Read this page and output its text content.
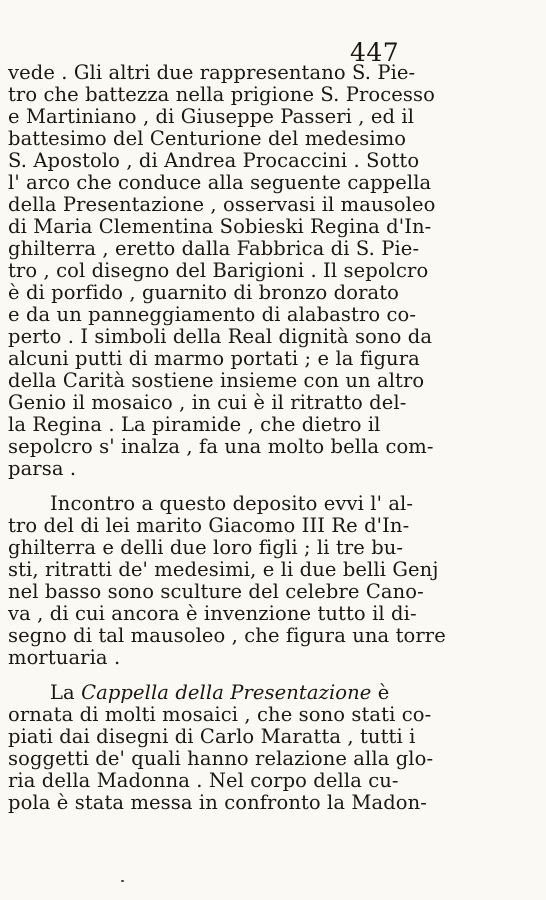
447
vede . Gli altri due rappresentano S. Pie-
tro che battezza nella prigione S. Processo
e Martiniano , di Giuseppe Passeri , ed il
battesimo del Centurione del medesimo
S. Apostolo , di Andrea Procaccini . Sotto
l' arco che conduce alla seguente cappella
della Presentazione , osservasi il mausoleo
di Maria Clementina Sobieski Regina d'In-
ghilterra , eretto dalla Fabbrica di S. Pie-
tro , col disegno del Barigioni . Il sepolcro
è di porfido , guarnito di bronzo dorato
e da un panneggiamento di alabastro co-
perto . I simboli della Real dignità sono da
alcuni putti di marmo portati ; e la figura
della Carità sostiene insieme con un altro
Genio il mosaico , in cui è il ritratto del-
la Regina . La piramide , che dietro il
sepolcro s' inalza , fa una molto bella com-
parsa .
Incontro a questo deposito evvi l' al-
tro del di lei marito Giacomo III Re d'In-
ghilterra e delli due loro figli ; li tre bu-
sti, ritratti de' medesimi, e li due belli Genj
nel basso sono sculture del celebre Cano-
va , di cui ancora è invenzione tutto il di-
segno di tal mausoleo , che figura una torre
mortuaria .
La Cappella della Presentazione è
ornata di molti mosaici , che sono stati co-
piati dai disegni di Carlo Maratta , tutti i
soggetti de' quali hanno relazione alla glo-
ria della Madonna . Nel corpo della cu-
pola è stata messa in confronto la Madon-
